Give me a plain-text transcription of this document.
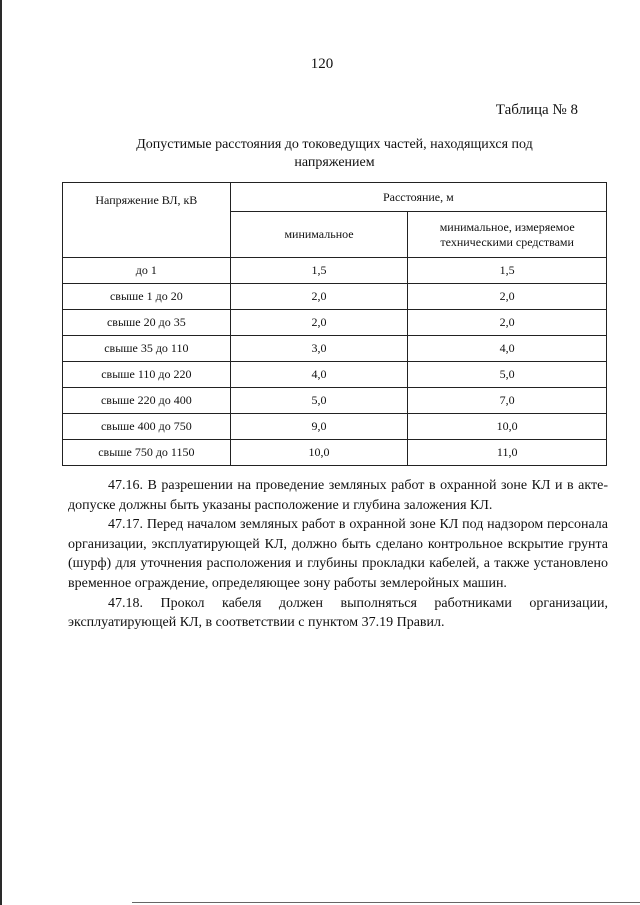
120
Таблица № 8
Допустимые расстояния до токоведущих частей, находящихся под напряжением
Напряжение ВЛ, кВ	Расстояние, м	
	минимальное	минимальное, измеряемое техническими средствами
до 1	1,5	1,5
свыше 1 до 20	2,0	2,0
свыше 20 до 35	2,0	2,0
свыше 35 до 110	3,0	4,0
свыше 110 до 220	4,0	5,0
свыше 220 до 400	5,0	7,0
свыше 400 до 750	9,0	10,0
свыше 750 до 1150	10,0	11,0

47.16. В разрешении на проведение земляных работ в охранной зоне КЛ и в акте-допуске должны быть указаны расположение и глубина заложения КЛ.

47.17. Перед началом земляных работ в охранной зоне КЛ под надзором персонала организации, эксплуатирующей КЛ, должно быть сделано контрольное вскрытие грунта (шурф) для уточнения расположения и глубины прокладки кабелей, а также установлено временное ограждение, определяющее зону работы землеройных машин.

47.18. Прокол кабеля должен выполняться работниками организации, эксплуатирующей КЛ, в соответствии с пунктом 37.19 Правил.
